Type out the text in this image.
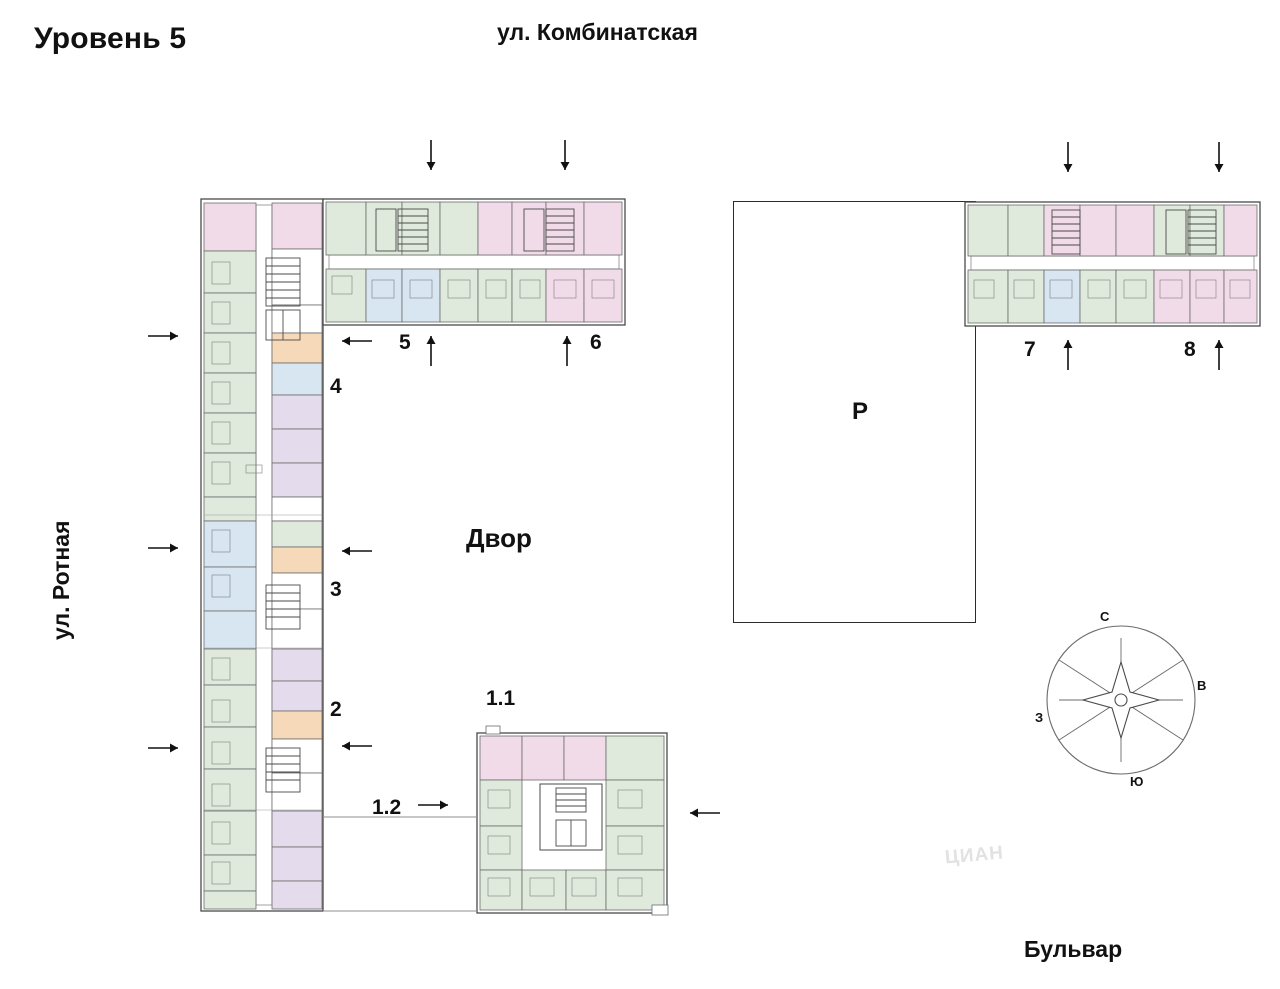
Уровень 5	ул. Комбинатская
ул. Ротная
Бульвар
Двор
P
1.1
1.2
2
3
4
5	6	7	8
С
В
Ю
З
ЦИАН
